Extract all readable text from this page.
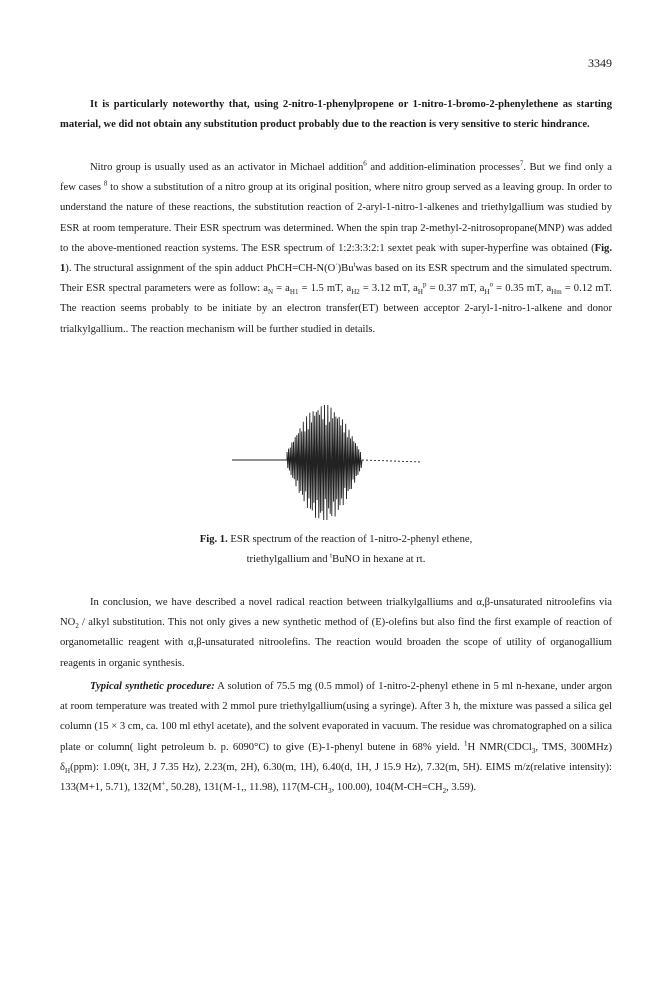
3349

It is particularly noteworthy that, using 2-nitro-1-phenylpropene or 1-nitro-1-bromo-2-phenylethene as starting material, we did not obtain any substitution product probably due to the reaction is very sensitive to steric hindrance.

Nitro group is usually used as an activator in Michael addition$^6$ and addition-elimination processes$^7$. But we find only a few cases $^8$ to show a substitution of a nitro group at its original position, where nitro group served as a leaving group. In order to understand the nature of these reactions, the substitution reaction of 2-aryl-1-nitro-1-alkenes and triethylgallium was studied by ESR at room temperature. Their ESR spectrum was determined. When the spin trap 2-methyl-2-nitrosopropane(MNP) was added to the above-mentioned reaction systems. The ESR spectrum of 1:2:3:3:2:1 sextet peak with super-hyperfine was obtained (Fig. 1). The structural assignment of the spin adduct $PhCH=CH-N(O^\cdot)Bu^twas$ based on its ESR spectrum and the simulated spectrum. Their ESR spectral parameters were as follow: $a_N = a_{H1} = 1.5$ mT, $a_{H2} = 3.12$ mT, $a_H^p = 0.37$ mT, $a_H^o = 0.35$ mT, $a_{Hm} = 0.12$ mT. The reaction seems probably to be initiate by an electron transfer(ET) between acceptor 2-aryl-1-nitro-1-alkene and donor trialkylgallium.. The reaction mechanism will be further studied in details.

Fig. 1. ESR spectrum of the reaction of 1-nitro-2-phenyl ethene,
triethylgallium and $^t$BuNO in hexane at rt.

In conclusion, we have described a novel radical reaction between trialkylgalliums and α,β-unsaturated nitroolefins via $NO_2$ / alkyl substitution. This not only gives a new synthetic method of (E)-olefins but also find the first example of reaction of organometallic reagent with α,β-unsaturated nitroolefins. The reaction would broaden the scope of utility of organogallium reagents in organic synthesis.

Typical synthetic procedure: A solution of 75.5 mg (0.5 mmol) of 1-nitro-2-phenyl ethene in 5 ml n-hexane, under argon at room temperature was treated with 2 mmol pure triethylgallium(using a syringe). After 3 h, the mixture was passed a silica gel column (15 × 3 cm, ca. 100 ml ethyl acetate), and the solvent evaporated in vacuum. The residue was chromatographed on a silica plate or column( light petroleum b. p. 6090°C) to give (E)-1-phenyl butene in 68% yield. $^1$H NMR(CDCl$_3$, TMS, 300MHz) $\delta_H(ppm)$: 1.09(t, 3H, J 7.35 Hz), 2.23(m, 2H), 6.30(m, 1H), 6.40(d, 1H, J 15.9 Hz), 7.32(m, 5H). EIMS m/z(relative intensity): 133(M+1, 5.71), 132(M+, 50.28), 131(M-1,, 11.98), $117(M-CH_3$, 100.00), $104(M-CH=CH_2$, 3.59).
